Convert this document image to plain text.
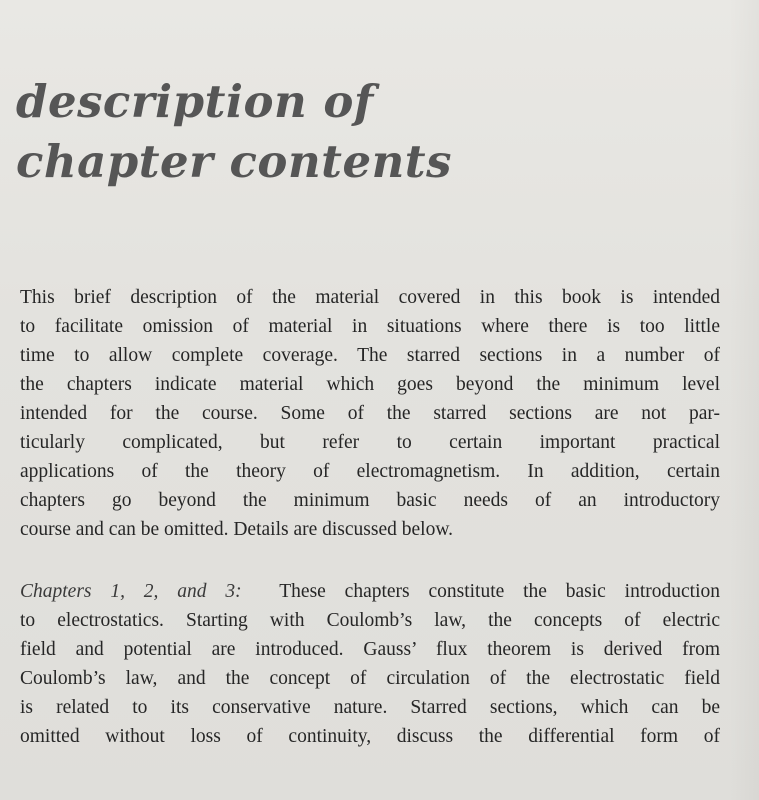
description of
chapter contents

This brief description of the material covered in this book is intended
to facilitate omission of material in situations where there is too little
time to allow complete coverage. The starred sections in a number of
the chapters indicate material which goes beyond the minimum level
intended for the course. Some of the starred sections are not par-
ticularly complicated, but refer to certain important practical
applications of the theory of electromagnetism. In addition, certain
chapters go beyond the minimum basic needs of an introductory
course and can be omitted. Details are discussed below.

Chapters 1, 2, and 3: These chapters constitute the basic introduction
to electrostatics. Starting with Coulomb’s law, the concepts of electric
field and potential are introduced. Gauss’ flux theorem is derived from
Coulomb’s law, and the concept of circulation of the electrostatic field
is related to its conservative nature. Starred sections, which can be
omitted without loss of continuity, discuss the differential form of
